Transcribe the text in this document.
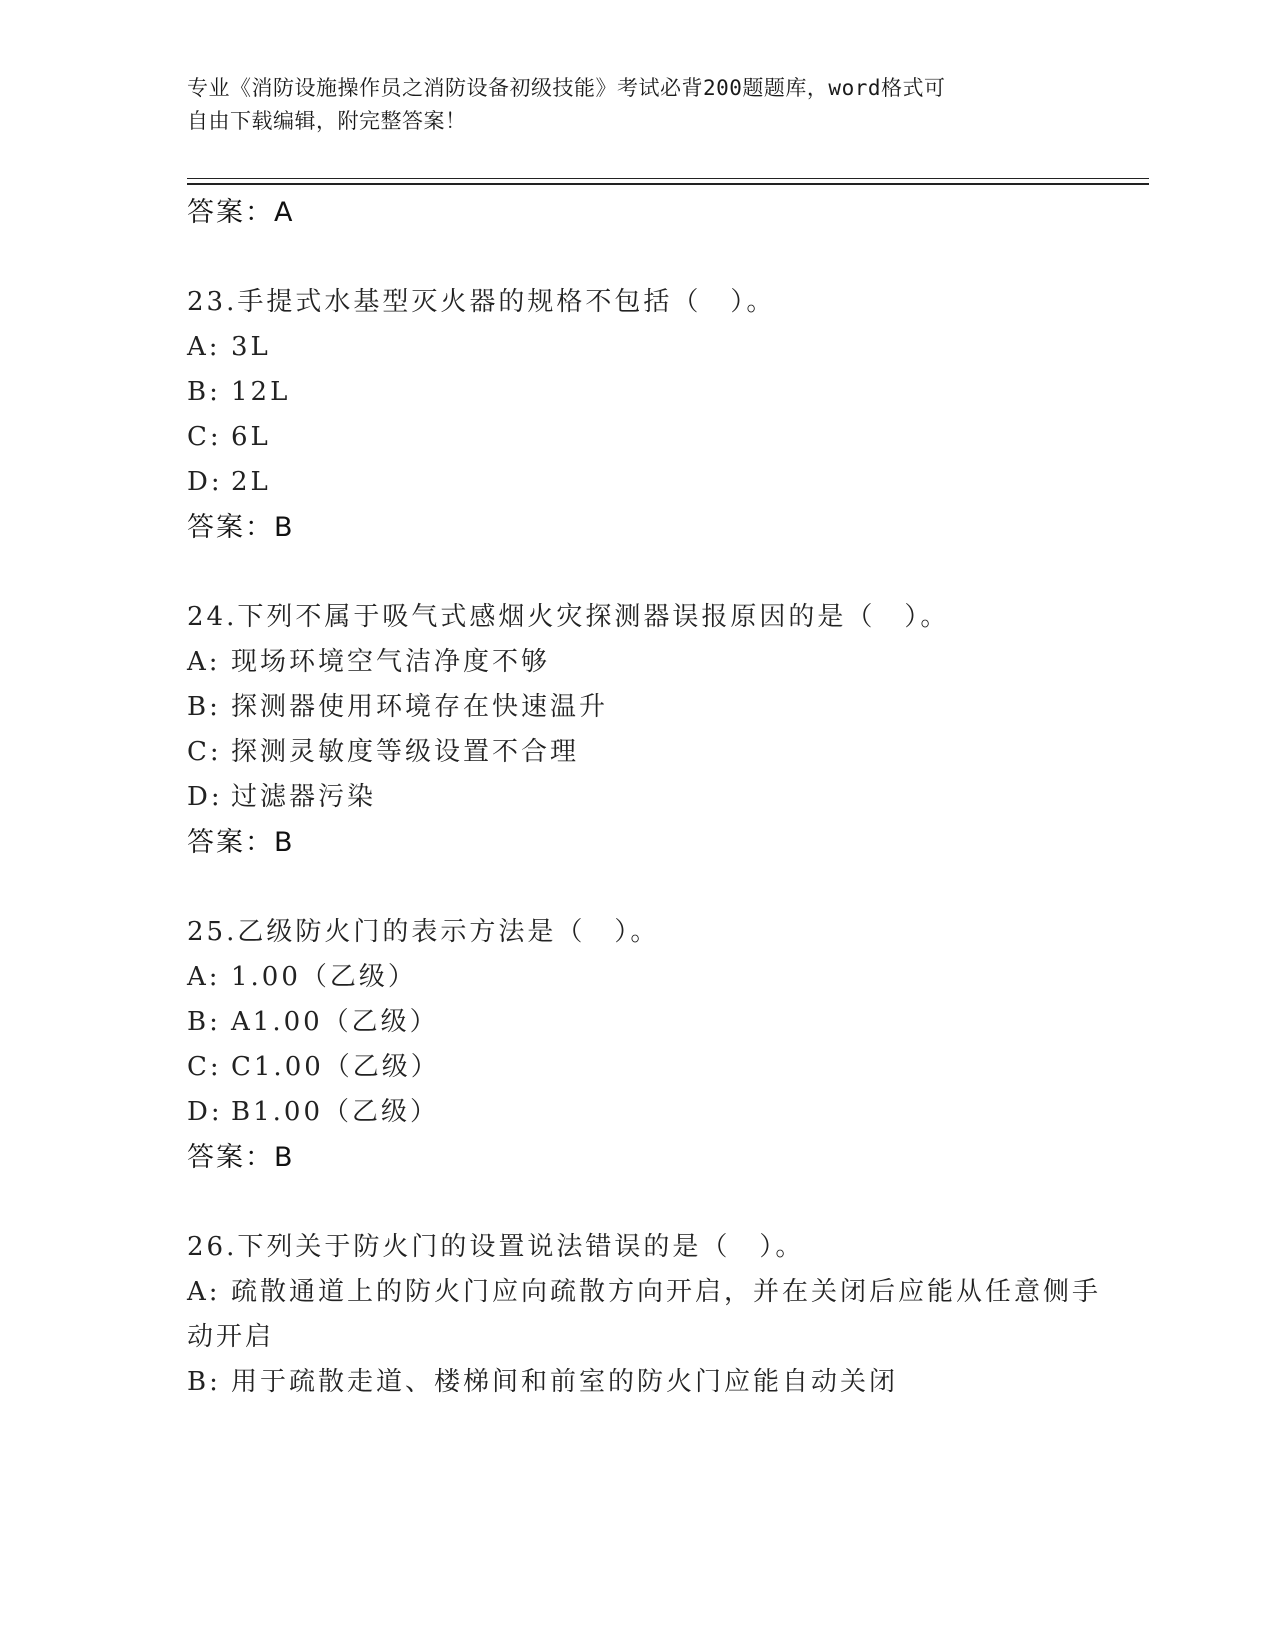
专业《消防设施操作员之消防设备初级技能》考试必背200题题库，word格式可
自由下载编辑，附完整答案！
答案：A
23.手提式水基型灭火器的规格不包括（　）。
A: 3L
B: 12L
C: 6L
D: 2L
答案：B
24.下列不属于吸气式感烟火灾探测器误报原因的是（　）。
A: 现场环境空气洁净度不够
B: 探测器使用环境存在快速温升
C: 探测灵敏度等级设置不合理
D: 过滤器污染
答案：B
25.乙级防火门的表示方法是（　）。
A: 1.00（乙级）
B: A1.00（乙级）
C: C1.00（乙级）
D: B1.00（乙级）
答案：B
26.下列关于防火门的设置说法错误的是（　）。
A: 疏散通道上的防火门应向疏散方向开启，并在关闭后应能从任意侧手动开启
B: 用于疏散走道、楼梯间和前室的防火门应能自动关闭
